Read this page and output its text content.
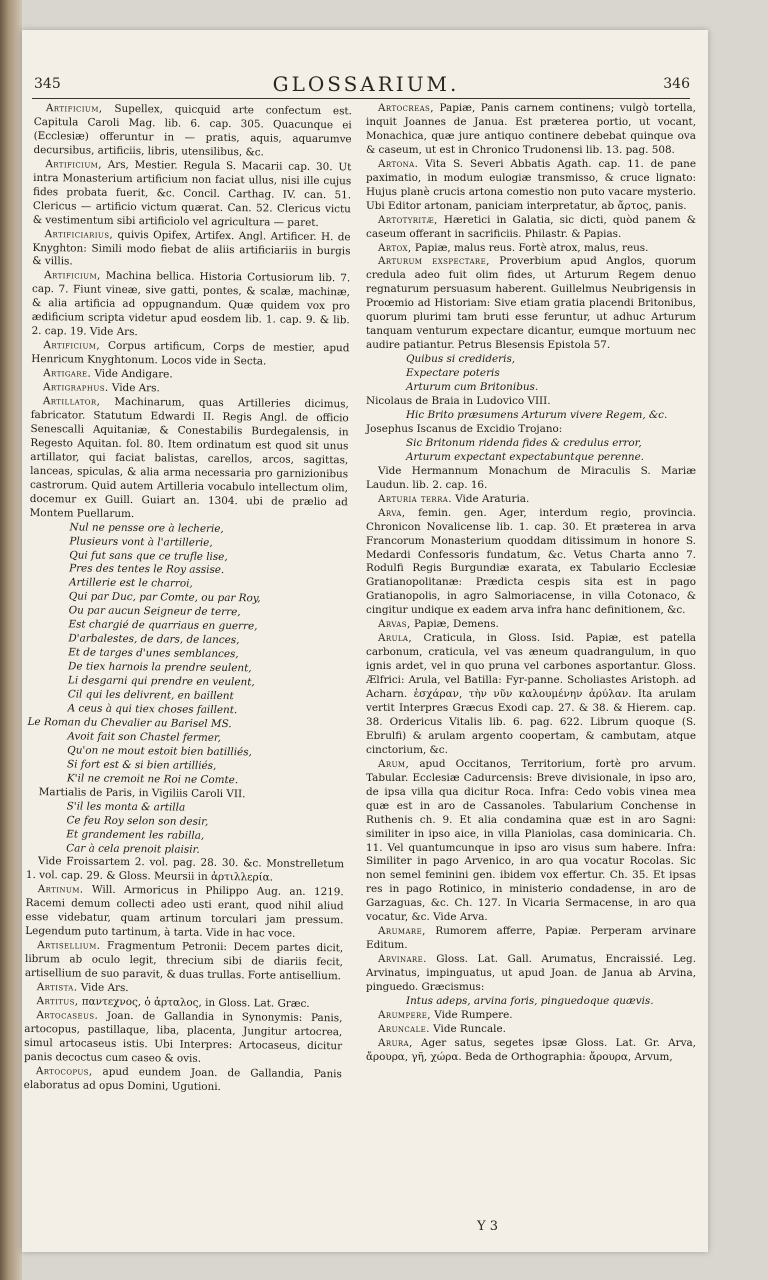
345	GLOSSARIUM.	346

Artificium, Supellex, quicquid arte confectum est. Capitula Caroli Mag. lib. 6. cap. 305. Quacunque ei (Ecclesiæ) offeruntur in — pratis, aquis, aquarumve decursibus, artificiis, libris, utensilibus, &c.

Artificium, Ars, Mestier. Regula S. Macarii cap. 30. Ut intra Monasterium artificium non faciat ullus, nisi ille cujus fides probata fuerit, &c. Concil. Carthag. IV. can. 51. Clericus — artificio victum quærat. Can. 52. Clericus victu & vestimentum sibi artificiolo vel agricultura — paret.

Artificiarius, quivis Opifex, Artifex. Angl. Artificer. H. de Knyghton: Simili modo fiebat de aliis artificiariis in burgis & villis.

Artificium, Machina bellica. Historia Cortusiorum lib. 7. cap. 7. Fiunt vineæ, sive gatti, pontes, & scalæ, machinæ, & alia artificia ad oppugnandum. Quæ quidem vox pro ædificium scripta videtur apud eosdem lib. 1. cap. 9. & lib. 2. cap. 19. Vide Ars.

Artificium, Corpus artificum, Corps de mestier, apud Henricum Knyghtonum. Locos vide in Secta.

Artigare. Vide Andigare.

Artigraphus. Vide Ars.

Artillator, Machinarum, quas Artilleries dicimus, fabricator. Statutum Edwardi II. Regis Angl. de officio Senescalli Aquitaniæ, & Conestabilis Burdegalensis, in Regesto Aquitan. fol. 80. Item ordinatum est quod sit unus artillator, qui faciat balistas, carellos, arcos, sagittas, lanceas, spiculas, & alia arma necessaria pro garnizionibus castrorum. Quid autem Artilleria vocabulo intellectum olim, docemur ex Guill. Guiart an. 1304. ubi de prælio ad Montem Puellarum.

Nul ne pensse ore à lecherie,

Plusieurs vont à l'artillerie,

Qui fut sans que ce trufle lise,

Pres des tentes le Roy assise.

Artillerie est le charroi,

Qui par Duc, par Comte, ou par Roy,

Ou par aucun Seigneur de terre,

Est chargié de quarriaus en guerre,

D'arbalestes, de dars, de lances,

Et de targes d'unes semblances,

De tiex harnois la prendre seulent,

Li desgarni qui prendre en veulent,

Cil qui les delivrent, en baillent

A ceus à qui tiex choses faillent.

Le Roman du Chevalier au Barisel MS.

Avoit fait son Chastel fermer,

Qu'on ne mout estoit bien batilliés,

Si fort est & si bien artilliés,

K'il ne cremoit ne Roi ne Comte.

Martialis de Paris, in Vigiliis Caroli VII.

S'il les monta & artilla

Ce feu Roy selon son desir,

Et grandement les rabilla,

Car à cela prenoit plaisir.

Vide Froissartem 2. vol. pag. 28. 30. &c. Monstrelletum 1. vol. cap. 29. & Gloss. Meursii in ἀρτιλλερία.

Artinum. Will. Armoricus in Philippo Aug. an. 1219. Racemi demum collecti adeo usti erant, quod nihil aliud esse videbatur, quam artinum torculari jam pressum. Legendum puto tartinum, à tarta. Vide in hac voce.

Artisellium. Fragmentum Petronii: Decem partes dicit, librum ab oculo legit, threcium sibi de diariis fecit, artisellium de suo paravit, & duas trullas. Forte antisellium.

Artista. Vide Ars.

Artitus, παντεχνος, ὁ ἀρταλος, in Gloss. Lat. Græc.

Artocaseus. Joan. de Gallandia in Synonymis: Panis, artocopus, pastillaque, liba, placenta, Jungitur artocrea, simul artocaseus istis. Ubi Interpres: Artocaseus, dicitur panis decoctus cum caseo & ovis.

Artocopus, apud eundem Joan. de Gallandia, Panis elaboratus ad opus Domini, Ugutioni.

Artocreas, Papiæ, Panis carnem continens; vulgò tortella, inquit Joannes de Janua. Est præterea portio, ut vocant, Monachica, quæ jure antiquo continere debebat quinque ova & caseum, ut est in Chronico Trudonensi lib. 13. pag. 508.

Artona. Vita S. Severi Abbatis Agath. cap. 11. de pane paximatio, in modum eulogiæ transmisso, & cruce lignato: Hujus planè crucis artona comestio non puto vacare mysterio. Ubi Editor artonam, paniciam interpretatur, ab ἄρτος, panis.

Artotyritæ, Hæretici in Galatia, sic dicti, quòd panem & caseum offerant in sacrificiis. Philastr. & Papias.

Artox, Papiæ, malus reus. Fortè atrox, malus, reus.

Arturum exspectare, Proverbium apud Anglos, quorum credula adeo fuit olim fides, ut Arturum Regem denuo regnaturum persuasum haberent. Guillelmus Neubrigensis in Proœmio ad Historiam: Sive etiam gratia placendi Britonibus, quorum plurimi tam bruti esse feruntur, ut adhuc Arturum tanquam venturum expectare dicantur, eumque mortuum nec audire patiantur. Petrus Blesensis Epistola 57.

Quibus si credideris,

Expectare poteris

Arturum cum Britonibus.

Nicolaus de Braia in Ludovico VIII.

Hic Brito præsumens Arturum vivere Regem, &c.

Josephus Iscanus de Excidio Trojano:

Sic Britonum ridenda fides & credulus error,

Arturum expectant expectabuntque perenne.

Vide Hermannum Monachum de Miraculis S. Mariæ Laudun. lib. 2. cap. 16.

Arturia terra. Vide Araturia.

Arva, femin. gen. Ager, interdum regio, provincia. Chronicon Novalicense lib. 1. cap. 30. Et præterea in arva Francorum Monasterium quoddam ditissimum in honore S. Medardi Confessoris fundatum, &c. Vetus Charta anno 7. Rodulfi Regis Burgundiæ exarata, ex Tabulario Ecclesiæ Gratianopolitanæ: Prædicta cespis sita est in pago Gratianopolis, in agro Salmoriacense, in villa Cotonaco, & cingitur undique ex eadem arva infra hanc definitionem, &c.

Arvas, Papiæ, Demens.

Arula, Craticula, in Gloss. Isid. Papiæ, est patella carbonum, craticula, vel vas æneum quadrangulum, in quo ignis ardet, vel in quo pruna vel carbones asportantur. Gloss. Ælfrici: Arula, vel Batilla: Fyr-panne. Scholiastes Aristoph. ad Acharn. ἐσχάραν, τὴν νῦν καλουμένην ἀρύλαν. Ita arulam vertit Interpres Græcus Exodi cap. 27. & 38. & Hierem. cap. 38. Ordericus Vitalis lib. 6. pag. 622. Librum quoque (S. Ebrulfi) & arulam argento coopertam, & cambutam, atque cinctorium, &c.

Arum, apud Occitanos, Territorium, fortè pro arvum. Tabular. Ecclesiæ Cadurcensis: Breve divisionale, in ipso aro, de ipsa villa qua dicitur Roca. Infra: Cedo vobis vinea mea quæ est in aro de Cassanoles. Tabularium Conchense in Ruthenis ch. 9. Et alia condamina quæ est in aro Sagni: similiter in ipso aice, in villa Planiolas, casa dominicaria. Ch. 11. Vel quantumcunque in ipso aro visus sum habere. Infra: Similiter in pago Arvenico, in aro qua vocatur Rocolas. Sic non semel feminini gen. ibidem vox effertur. Ch. 35. Et ipsas res in pago Rotinico, in ministerio condadense, in aro de Garzaguas, &c. Ch. 127. In Vicaria Sermacense, in aro qua vocatur, &c. Vide Arva.

Arumare, Rumorem afferre, Papiæ. Perperam arvinare Editum.

Arvinare. Gloss. Lat. Gall. Arumatus, Encraissié. Leg. Arvinatus, impinguatus, ut apud Joan. de Janua ab Arvina, pinguedo. Græcismus:

Intus adeps, arvina foris, pinguedoque quævis.

Arumpere, Vide Rumpere.

Aruncale. Vide Runcale.

Arura, Ager satus, segetes ipsæ Gloss. Lat. Gr. Arva, ἄρουρα, γῆ, χώρα. Beda de Orthographia: ἄρουρα, Arvum,

Y 3
